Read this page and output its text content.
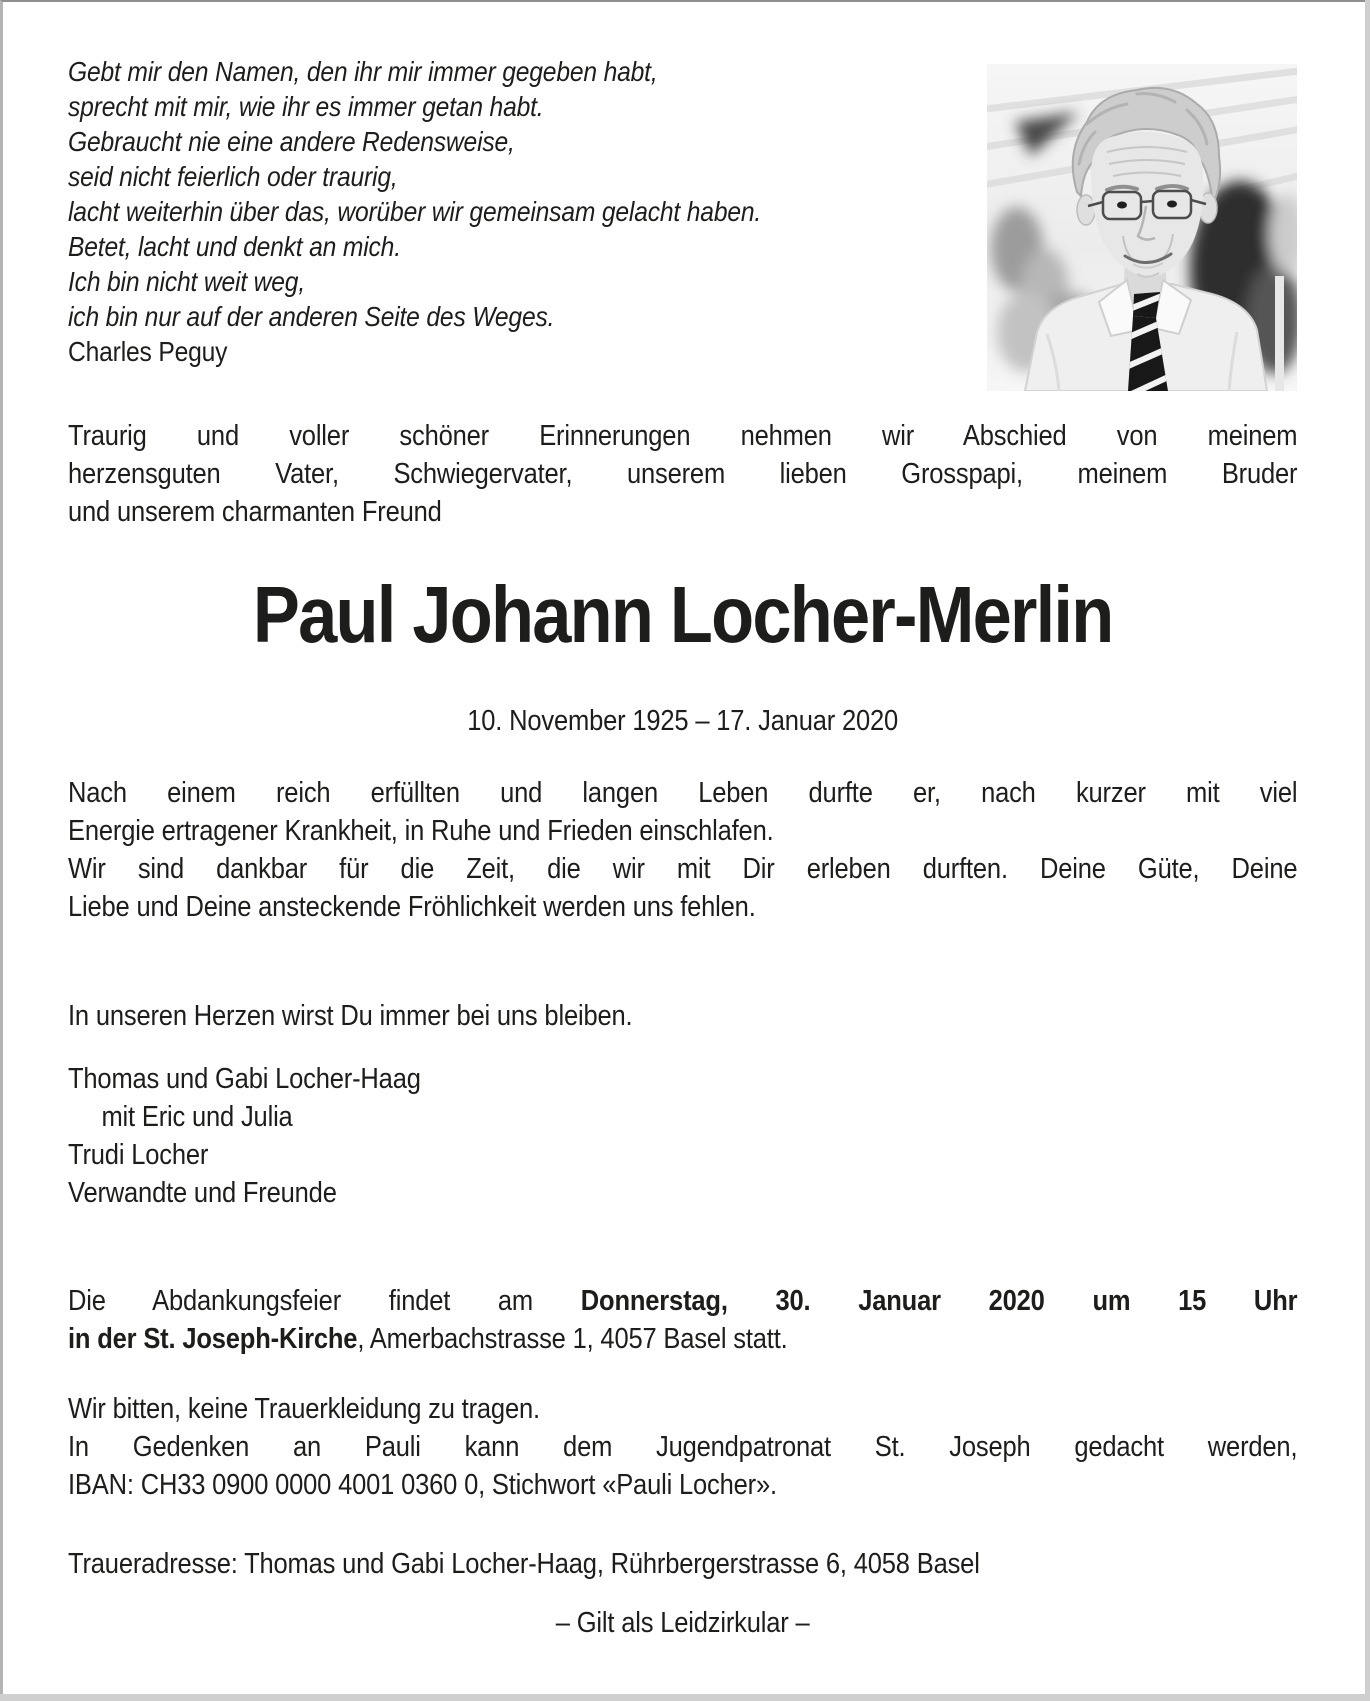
Gebt mir den Namen, den ihr mir immer gegeben habt,
sprecht mit mir, wie ihr es immer getan habt.
Gebraucht nie eine andere Redensweise,
seid nicht feierlich oder traurig,
lacht weiterhin über das, worüber wir gemeinsam gelacht haben.
Betet, lacht und denkt an mich.
Ich bin nicht weit weg,
ich bin nur auf der anderen Seite des Weges.
Charles Peguy
Traurig und voller schöner Erinnerungen nehmen wir Abschied von meinem
herzensguten Vater, Schwiegervater, unserem lieben Grosspapi, meinem Bruder
und unserem charmanten Freund
Paul Johann Locher-Merlin
10. November 1925 – 17. Januar 2020
Nach einem reich erfüllten und langen Leben durfte er, nach kurzer mit viel
Energie ertragener Krankheit, in Ruhe und Frieden einschlafen.
Wir sind dankbar für die Zeit, die wir mit Dir erleben durften. Deine Güte, Deine
Liebe und Deine ansteckende Fröhlichkeit werden uns fehlen.
In unseren Herzen wirst Du immer bei uns bleiben.
Thomas und Gabi Locher-Haag
mit Eric und Julia
Trudi Locher
Verwandte und Freunde
Die Abdankungsfeier findet am Donnerstag, 30. Januar 2020 um 15 Uhr
in der St. Joseph-Kirche, Amerbachstrasse 1, 4057 Basel statt.
Wir bitten, keine Trauerkleidung zu tragen.
In Gedenken an Pauli kann dem Jugendpatronat St. Joseph gedacht werden,
IBAN: CH33 0900 0000 4001 0360 0, Stichwort «Pauli Locher».
Traueradresse: Thomas und Gabi Locher-Haag, Rührbergerstrasse 6, 4058 Basel
– Gilt als Leidzirkular –
